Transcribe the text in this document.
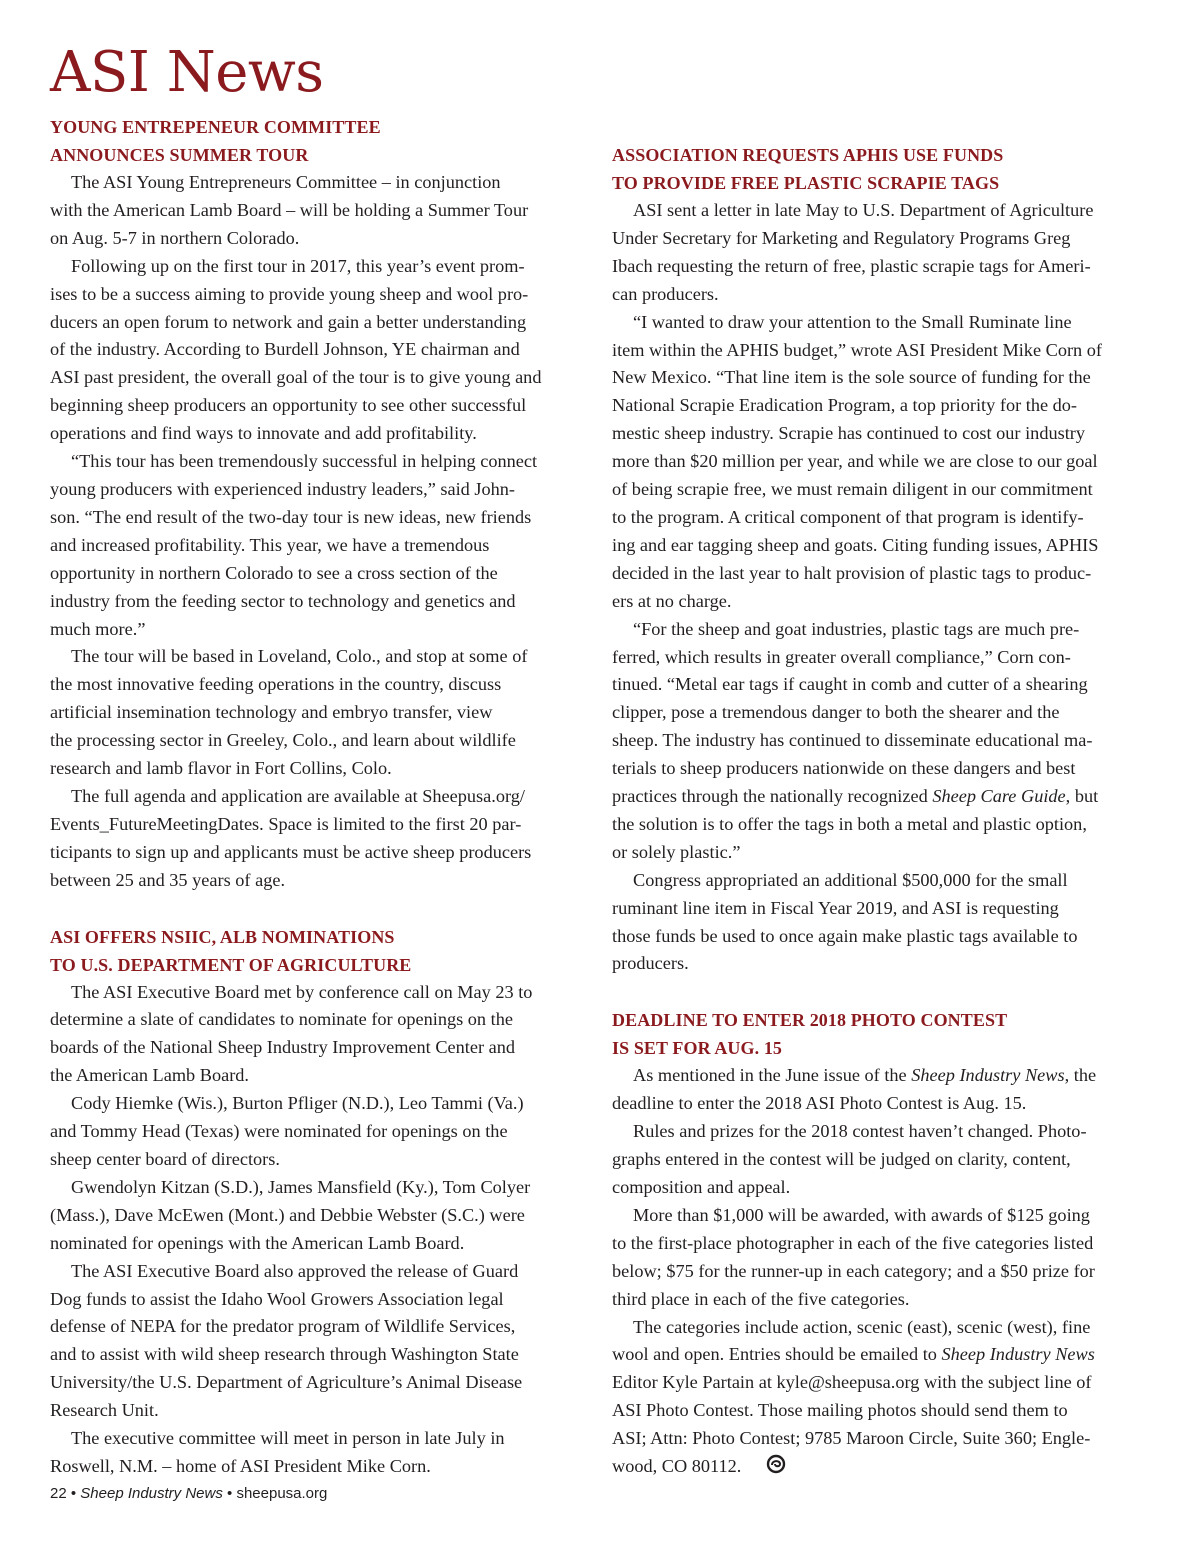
ASI News
YOUNG ENTREPENEUR COMMITTEE
ANNOUNCES SUMMER TOUR

The ASI Young Entrepreneurs Committee – in conjunction
with the American Lamb Board – will be holding a Summer Tour
on Aug. 5-7 in northern Colorado.

Following up on the first tour in 2017, this year’s event prom-
ises to be a success aiming to provide young sheep and wool pro-
ducers an open forum to network and gain a better understanding
of the industry. According to Burdell Johnson, YE chairman and
ASI past president, the overall goal of the tour is to give young and
beginning sheep producers an opportunity to see other successful
operations and find ways to innovate and add profitability.

“This tour has been tremendously successful in helping connect
young producers with experienced industry leaders,” said John-
son. “The end result of the two-day tour is new ideas, new friends
and increased profitability. This year, we have a tremendous
opportunity in northern Colorado to see a cross section of the
industry from the feeding sector to technology and genetics and
much more.”

The tour will be based in Loveland, Colo., and stop at some of
the most innovative feeding operations in the country, discuss
artificial insemination technology and embryo transfer, view
the processing sector in Greeley, Colo., and learn about wildlife
research and lamb flavor in Fort Collins, Colo.

The full agenda and application are available at Sheepusa.org/
Events_FutureMeetingDates. Space is limited to the first 20 par-
ticipants to sign up and applicants must be active sheep producers
between 25 and 35 years of age.

ASI OFFERS NSIIC, ALB NOMINATIONS
TO U.S. DEPARTMENT OF AGRICULTURE

The ASI Executive Board met by conference call on May 23 to
determine a slate of candidates to nominate for openings on the
boards of the National Sheep Industry Improvement Center and
the American Lamb Board.

Cody Hiemke (Wis.), Burton Pfliger (N.D.), Leo Tammi (Va.)
and Tommy Head (Texas) were nominated for openings on the
sheep center board of directors.

Gwendolyn Kitzan (S.D.), James Mansfield (Ky.), Tom Colyer
(Mass.), Dave McEwen (Mont.) and Debbie Webster (S.C.) were
nominated for openings with the American Lamb Board.

The ASI Executive Board also approved the release of Guard
Dog funds to assist the Idaho Wool Growers Association legal
defense of NEPA for the predator program of Wildlife Services,
and to assist with wild sheep research through Washington State
University/the U.S. Department of Agriculture’s Animal Disease
Research Unit.

The executive committee will meet in person in late July in
Roswell, N.M. – home of ASI President Mike Corn.

ASSOCIATION REQUESTS APHIS USE FUNDS
TO PROVIDE FREE PLASTIC SCRAPIE TAGS

ASI sent a letter in late May to U.S. Department of Agriculture
Under Secretary for Marketing and Regulatory Programs Greg
Ibach requesting the return of free, plastic scrapie tags for Ameri-
can producers.

“I wanted to draw your attention to the Small Ruminate line
item within the APHIS budget,” wrote ASI President Mike Corn of
New Mexico. “That line item is the sole source of funding for the
National Scrapie Eradication Program, a top priority for the do-
mestic sheep industry. Scrapie has continued to cost our industry
more than $20 million per year, and while we are close to our goal
of being scrapie free, we must remain diligent in our commitment
to the program. A critical component of that program is identify-
ing and ear tagging sheep and goats. Citing funding issues, APHIS
decided in the last year to halt provision of plastic tags to produc-
ers at no charge.

“For the sheep and goat industries, plastic tags are much pre-
ferred, which results in greater overall compliance,” Corn con-
tinued. “Metal ear tags if caught in comb and cutter of a shearing
clipper, pose a tremendous danger to both the shearer and the
sheep. The industry has continued to disseminate educational ma-
terials to sheep producers nationwide on these dangers and best
practices through the nationally recognized Sheep Care Guide, but
the solution is to offer the tags in both a metal and plastic option,
or solely plastic.”

Congress appropriated an additional $500,000 for the small
ruminant line item in Fiscal Year 2019, and ASI is requesting
those funds be used to once again make plastic tags available to
producers.

DEADLINE TO ENTER 2018 PHOTO CONTEST
IS SET FOR AUG. 15

As mentioned in the June issue of the Sheep Industry News, the
deadline to enter the 2018 ASI Photo Contest is Aug. 15.

Rules and prizes for the 2018 contest haven’t changed. Photo-
graphs entered in the contest will be judged on clarity, content,
composition and appeal.

More than $1,000 will be awarded, with awards of $125 going
to the first-place photographer in each of the five categories listed
below; $75 for the runner-up in each category; and a $50 prize for
third place in each of the five categories.

The categories include action, scenic (east), scenic (west), fine
wool and open. Entries should be emailed to Sheep Industry News
Editor Kyle Partain at kyle@sheepusa.org with the subject line of
ASI Photo Contest. Those mailing photos should send them to
ASI; Attn: Photo Contest; 9785 Maroon Circle, Suite 360; Engle-
wood, CO 80112.

22 • Sheep Industry News • sheepusa.org
